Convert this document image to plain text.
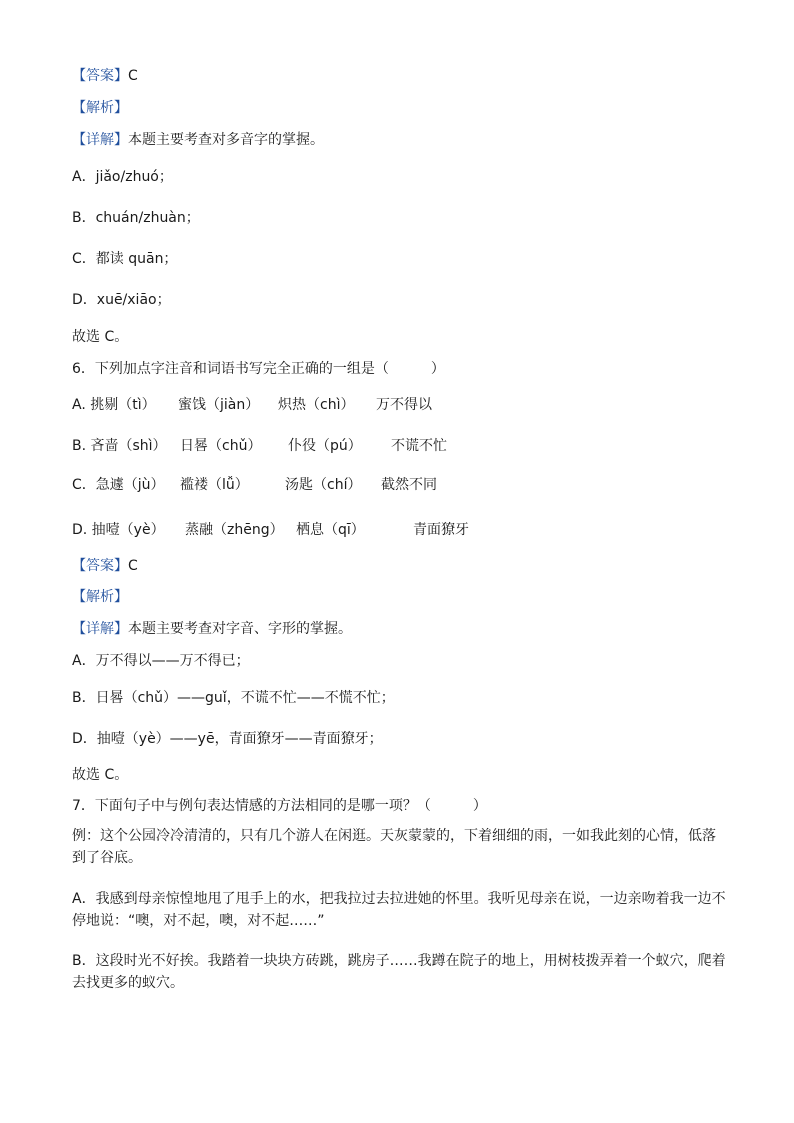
【答案】C
【解析】
【详解】本题主要考查对多音字的掌握。
A．jiǎo/zhuó；
B．chuán/zhuàn；
C．都读 quān；
D．xuē/xiāo；
故选 C。
6．下列加点字注音和词语书写完全正确的一组是（　　　）
A. 挑剔（tì） 蜜饯（jiàn） 炽热（chì） 万不得以
B. 吝啬（shì） 日晷（chǔ） 仆役（pú） 不谎不忙
C．急遽（jù） 褴褛（lǚ）	汤匙（chí） 截然不同
D. 抽噎（yè） 蒸融（zhēng） 栖息（qī）	青面獠牙
【答案】C
【解析】
【详解】本题主要考查对字音、字形的掌握。
A．万不得以——万不得已；
B．日晷（chǔ）——guǐ，不谎不忙——不慌不忙；
D．抽噎（yè）——yē，青面獠牙——青面獠牙；
故选 C。
7．下面句子中与例句表达情感的方法相同的是哪一项？（　　　）
例：这个公园冷冷清清的，只有几个游人在闲逛。天灰蒙蒙的，下着细细的雨，一如我此刻的心情，低落到了谷底。
A．我感到母亲惊惶地甩了甩手上的水，把我拉过去拉进她的怀里。我听见母亲在说，一边亲吻着我一边不停地说：“噢，对不起，噢，对不起……”
B．这段时光不好挨。我踏着一块块方砖跳，跳房子……我蹲在院子的地上，用树枝拨弄着一个蚁穴，爬着去找更多的蚁穴。
